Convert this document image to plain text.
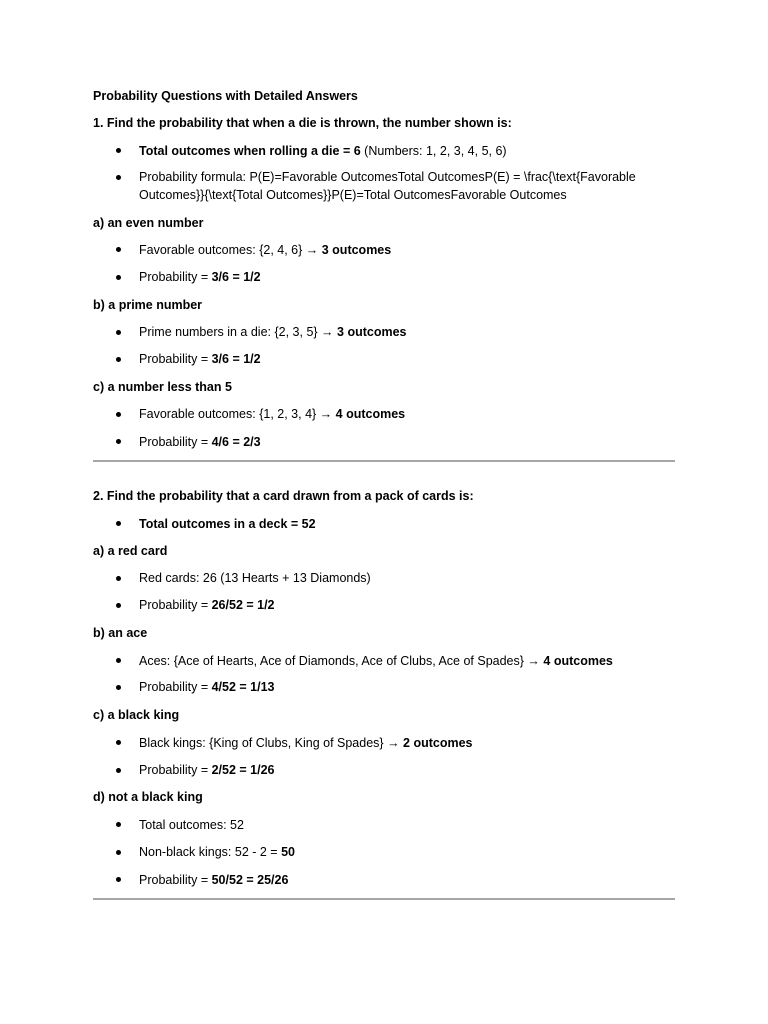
Probability Questions with Detailed Answers
1. Find the probability that when a die is thrown, the number shown is:
Total outcomes when rolling a die = 6 (Numbers: 1, 2, 3, 4, 5, 6)
Probability formula: P(E)=Favorable OutcomesTotal OutcomesP(E) = \frac{\text{Favorable
Outcomes}}{\text{Total Outcomes}}P(E)=Total OutcomesFavorable Outcomes
a) an even number
Favorable outcomes: {2, 4, 6} → 3 outcomes
Probability = 3/6 = 1/2
b) a prime number
Prime numbers in a die: {2, 3, 5} → 3 outcomes
Probability = 3/6 = 1/2
c) a number less than 5
Favorable outcomes: {1, 2, 3, 4} → 4 outcomes
Probability = 4/6 = 2/3
2. Find the probability that a card drawn from a pack of cards is:
Total outcomes in a deck = 52
a) a red card
Red cards: 26 (13 Hearts + 13 Diamonds)
Probability = 26/52 = 1/2
b) an ace
Aces: {Ace of Hearts, Ace of Diamonds, Ace of Clubs, Ace of Spades} → 4 outcomes
Probability = 4/52 = 1/13
c) a black king
Black kings: {King of Clubs, King of Spades} → 2 outcomes
Probability = 2/52 = 1/26
d) not a black king
Total outcomes: 52
Non-black kings: 52 - 2 = 50
Probability = 50/52 = 25/26
